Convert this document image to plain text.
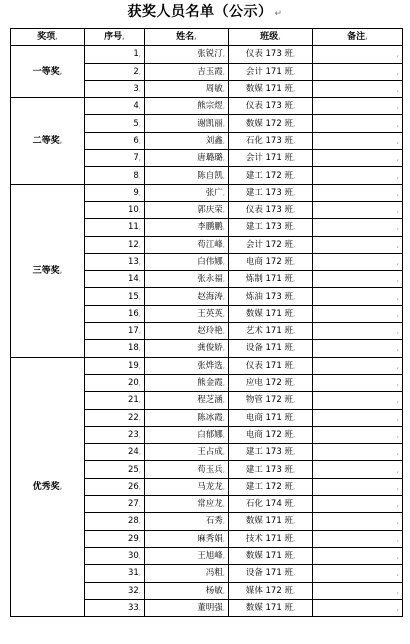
获奖人员名单（公示） ↵
奖项,	序号,	姓名,	班级,	备注,
一等奖,	1,	张锐汀,	仪表 173 班,	,
	2,	吉玉霞,	会计 171 班,	,
	3,	周敏,	数媒 171 班,	,
二等奖,	4,	熊宗煜,	仪表 173 班,	,
	5,	谢凯丽,	数媒 172 班,	,
	6,	刘鑫,	石化 173 班,	,
	7,	唐璐璐,	会计 171 班,	,
	8,	陈自凯,	建工 172 班,	,
三等奖,	9,	张广,	建工 173 班,	,
	10,	郭庆荣,	仪表 173 班,	,
	11,	李鹏鹏,	建工 173 班,	,
	12,	苟江峰,	会计 172 班,	,
	13,	白伟娜,	电商 172 班,	,
	14,	张永福,	炼制 171 班,	,
	15,	赵海涛,	炼油 173 班,	,
	16,	王英英,	数媒 171 班,	,
	17,	赵玲艳,	艺术 171 班,	,
	18,	龚俊娇,	设备 171 班,	,
优秀奖,	19,	张烨选,	仪表 171 班,	,
	20,	熊金霞,	应电 172 班,	,
	21,	程芝涵,	物管 172 班,	,
	22,	陈冰霞,	电商 171 班,	,
	23,	白郁娜,	电商 172 班,	,
	24,	王占成,	建工 173 班,	,
	25,	苟玉兵,	建工 173 班,	,
	26,	马龙龙,	建工 172 班,	,
	27,	常应龙,	石化 174 班,	,
	28,	石秀,	数媒 171 班,	,
	29,	麻秀娟,	技术 171 班,	,
	30,	王旭峰,	数媒 171 班,	,
	31,	冯粗,	设备 171 班,	,
	32,	杨敏,	媒体 172 班,	,
	33,	董明强,	数媒 171 班,	,
